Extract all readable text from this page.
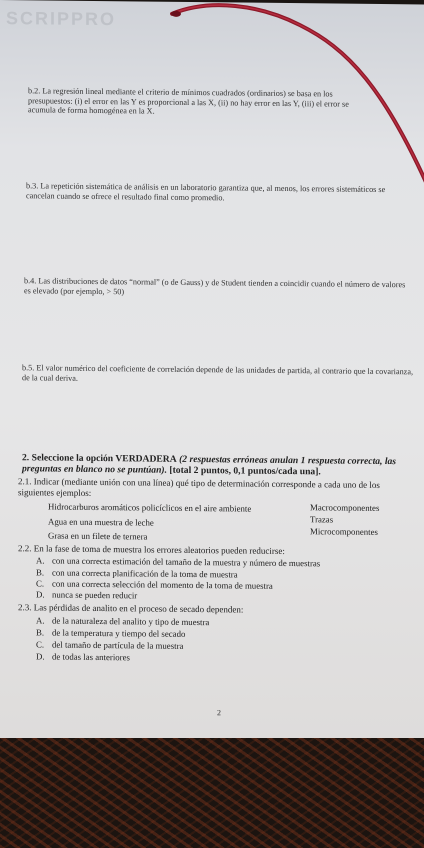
SCRIPPRO
b.2. La regresión lineal mediante el criterio de mínimos cuadrados (ordinarios) se basa en los presupuestos: (i) el error en las Y es proporcional a las X, (ii) no hay error en las Y, (iii) el error se acumula de forma homogénea en la X.
b.3. La repetición sistemática de análisis en un laboratorio garantiza que, al menos, los errores sistemáticos se cancelan cuando se ofrece el resultado final como promedio.
b.4. Las distribuciones de datos “normal” (o de Gauss) y de Student tienden a coincidir cuando el número de valores es elevado (por ejemplo, > 50)
b.5. El valor numérico del coeficiente de correlación depende de las unidades de partida, al contrario que la covarianza, de la cual deriva.
2. Seleccione la opción VERDADERA (2 respuestas erróneas anulan 1 respuesta correcta, las preguntas en blanco no se puntúan). [total 2 puntos, 0,1 puntos/cada una].
2.1. Indicar (mediante unión con una línea) qué tipo de determinación corresponde a cada uno de los siguientes ejemplos:
Hidrocarburos aromáticos policíclicos en el aire ambiente
Agua en una muestra de leche
Grasa en un filete de ternera
Macrocomponentes
Trazas
Microcomponentes
2.2. En la fase de toma de muestra los errores aleatorios pueden reducirse:
A. con una correcta estimación del tamaño de la muestra y número de muestras
B. con una correcta planificación de la toma de muestra
C. con una correcta selección del momento de la toma de muestra
D. nunca se pueden reducir
2.3. Las pérdidas de analito en el proceso de secado dependen:
A. de la naturaleza del analito y tipo de muestra
B. de la temperatura y tiempo del secado
C. del tamaño de partícula de la muestra
D. de todas las anteriores
2
